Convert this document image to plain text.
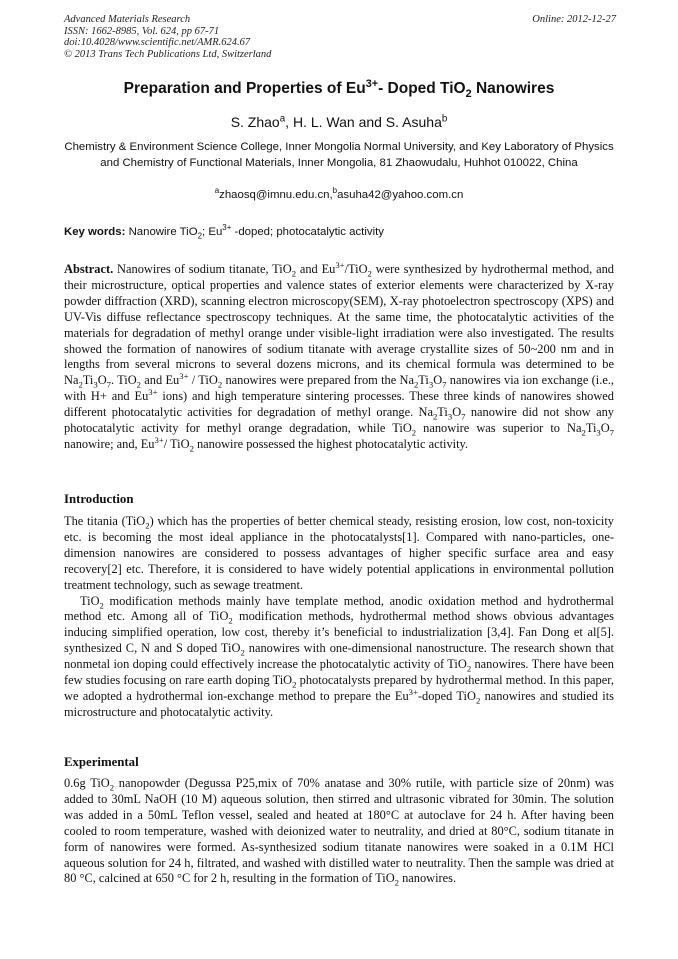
Advanced Materials Research
ISSN: 1662-8985, Vol. 624, pp 67-71
doi:10.4028/www.scientific.net/AMR.624.67
© 2013 Trans Tech Publications Ltd, Switzerland
Online: 2012-12-27
Preparation and Properties of $Eu^{3+}-$ Doped TiO$_2$ Nanowires
S. Zhao$^a$, H. L. Wan and S. Asuha$^b$
Chemistry & Environment Science College, Inner Mongolia Normal University, and Key Laboratory of Physics and Chemistry of Functional Materials, Inner Mongolia, 81 Zhaowudalu, Huhhot 010022, China
$^a$zhaosq@imnu.edu.cn,$^b$asuha42@yahoo.com.cn
Key words: Nanowire TiO$_2$; $Eu^{3+}$ -doped; photocatalytic activity

Abstract. Nanowires of sodium titanate, TiO$_2$ and $Eu^{3+}/TiO_2$ were synthesized by hydrothermal method, and their microstructure, optical properties and valence states of exterior elements were characterized by X-ray powder diffraction (XRD), scanning electron microscopy(SEM), X-ray photoelectron spectroscopy (XPS) and UV-Vis diffuse reflectance spectroscopy techniques. At the same time, the photocatalytic activities of the materials for degradation of methyl orange under visible-light irradiation were also investigated. The results showed the formation of nanowires of sodium titanate with average crystallite sizes of 50~200 nm and in lengths from several microns to several dozens microns, and its chemical formula was determined to be $Na_2Ti_3O_7$. TiO$_2$ and $Eu^{3+} / TiO_2$ nanowires were prepared from the $Na_2Ti_3O_7$ nanowires via ion exchange (i.e., with H+ and $Eu^{3+}$ ions) and high temperature sintering processes. These three kinds of nanowires showed different photocatalytic activities for degradation of methyl orange. $Na_2Ti_3O_7$ nanowire did not show any photocatalytic activity for methyl orange degradation, while TiO$_2$ nanowire was superior to $Na_2Ti_3O_7$ nanowire; and, $Eu^{3+}/$ TiO$_2$ nanowire possessed the highest photocatalytic activity.

Introduction

The titania (TiO$_2$) which has the properties of better chemical steady, resisting erosion, low cost, non-toxicity etc. is becoming the most ideal appliance in the photocatalysts[1]. Compared with nano-particles, one-dimension nanowires are considered to possess advantages of higher specific surface area and easy recovery[2] etc. Therefore, it is considered to have widely potential applications in environmental pollution treatment technology, such as sewage treatment.

TiO$_2$ modification methods mainly have template method, anodic oxidation method and hydrothermal method etc. Among all of TiO$_2$ modification methods, hydrothermal method shows obvious advantages inducing simplified operation, low cost, thereby it’s beneficial to industrialization [3,4]. Fan Dong et al[5]. synthesized C, N and S doped TiO$_2$ nanowires with one-dimensional nanostructure. The research shown that nonmetal ion doping could effectively increase the photocatalytic activity of TiO$_2$ nanowires. There have been few studies focusing on rare earth doping TiO$_2$ photocatalysts prepared by hydrothermal method. In this paper, we adopted a hydrothermal ion-exchange method to prepare the $Eu^{3+}$-doped TiO$_2$ nanowires and studied its microstructure and photocatalytic activity.

Experimental

0.6g TiO$_2$ nanopowder (Degussa P25,mix of 70% anatase and 30% rutile, with particle size of 20nm) was added to 30mL NaOH (10 M) aqueous solution, then stirred and ultrasonic vibrated for 30min. The solution was added in a 50mL Teflon vessel, sealed and heated at 180°C at autoclave for 24 h. After having been cooled to room temperature, washed with deionized water to neutrality, and dried at 80°C, sodium titanate in form of nanowires were formed. As-synthesized sodium titanate nanowires were soaked in a 0.1M HCl aqueous solution for 24 h, filtrated, and washed with distilled water to neutrality. Then the sample was dried at 80 °C, calcined at 650 °C for 2 h, resulting in the formation of TiO$_2$ nanowires.
